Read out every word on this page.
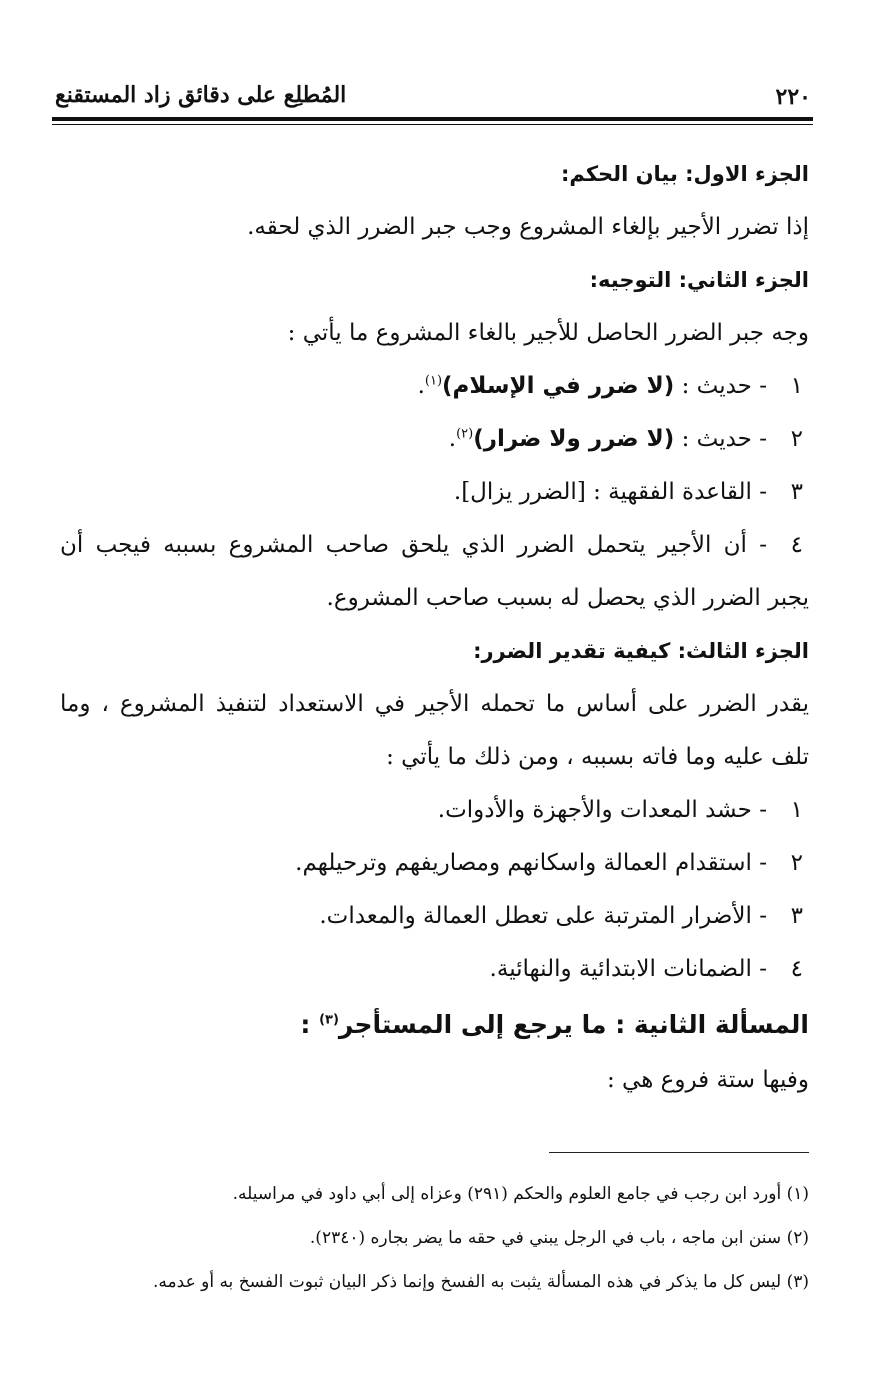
المُطلِع على دقائق زاد المستقنع	٢٢٠
الجزء الاول: بيان الحكم:
إذا تضرر الأجير بإلغاء المشروع وجب جبر الضرر الذي لحقه.
الجزء الثاني: التوجيه:
وجه جبر الضرر الحاصل للأجير بالغاء المشروع ما يأتي :
١- حديث : (لا ضرر في الإسلام)$^{(١)}$.
٢- حديث : (لا ضرر ولا ضرار)$^{(٢)}$.
٣- القاعدة الفقهية : [الضرر يزال].
٤- أن الأجير يتحمل الضرر الذي يلحق صاحب المشروع بسببه فيجب أن
يجبر الضرر الذي يحصل له بسبب صاحب المشروع.
الجزء الثالث: كيفية تقدير الضرر:
يقدر الضرر على أساس ما تحمله الأجير في الاستعداد لتنفيذ المشروع ، وما
تلف عليه وما فاته بسببه ، ومن ذلك ما يأتي :
١- حشد المعدات والأجهزة والأدوات.
٢- استقدام العمالة واسكانهم ومصاريفهم وترحيلهم.
٣- الأضرار المترتبة على تعطل العمالة والمعدات.
٤- الضمانات الابتدائية والنهائية.
المسألة الثانية : ما يرجع إلى المستأجر$^{(٣)}$ :
وفيها ستة فروع هي :
(١) أورد ابن رجب في جامع العلوم والحكم (٢٩١) وعزاه إلى أبي داود في مراسيله.
(٢) سنن ابن ماجه ، باب في الرجل يبني في حقه ما يضر بجاره (٢٣٤٠).
(٣) ليس كل ما يذكر في هذه المسألة يثبت به الفسخ وإنما ذكر البيان ثبوت الفسخ به أو عدمه.
